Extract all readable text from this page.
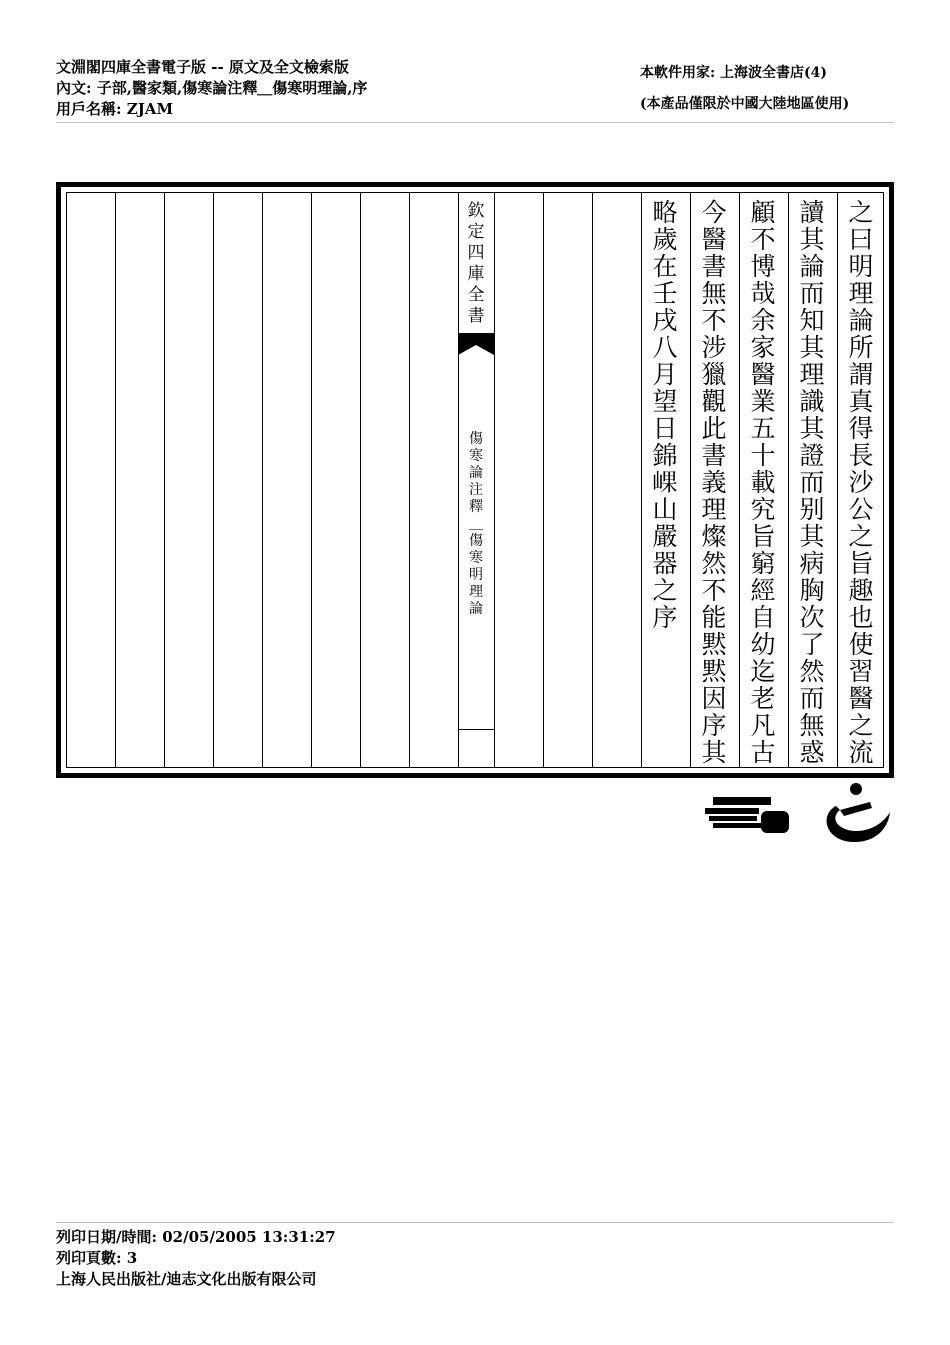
文淵閣四庫全書電子版 -- 原文及全文檢索版
內文: 子部,醫家類,傷寒論注釋＿傷寒明理論,序
用戶名稱: ZJAM
本軟件用家: 上海波全書店(4)
(本產品僅限於中國大陸地區使用)
欽定四庫全書
傷寒論注釋＿傷寒明理論
之曰明理論所謂真得長沙公之旨趣也使習醫之流
讀其論而知其理識其證而别其病胸次了然而無惑
顧不博哉余家醫業五十載究旨窮經自幼迄老凡古
今醫書無不涉獵觀此書義理燦然不能黙黙因序其
略歲在壬戌八月望日錦𡸖山嚴器之序
列印日期/時間: 02/05/2005 13:31:27
列印頁數: 3
上海人民出版社/迪志文化出版有限公司
